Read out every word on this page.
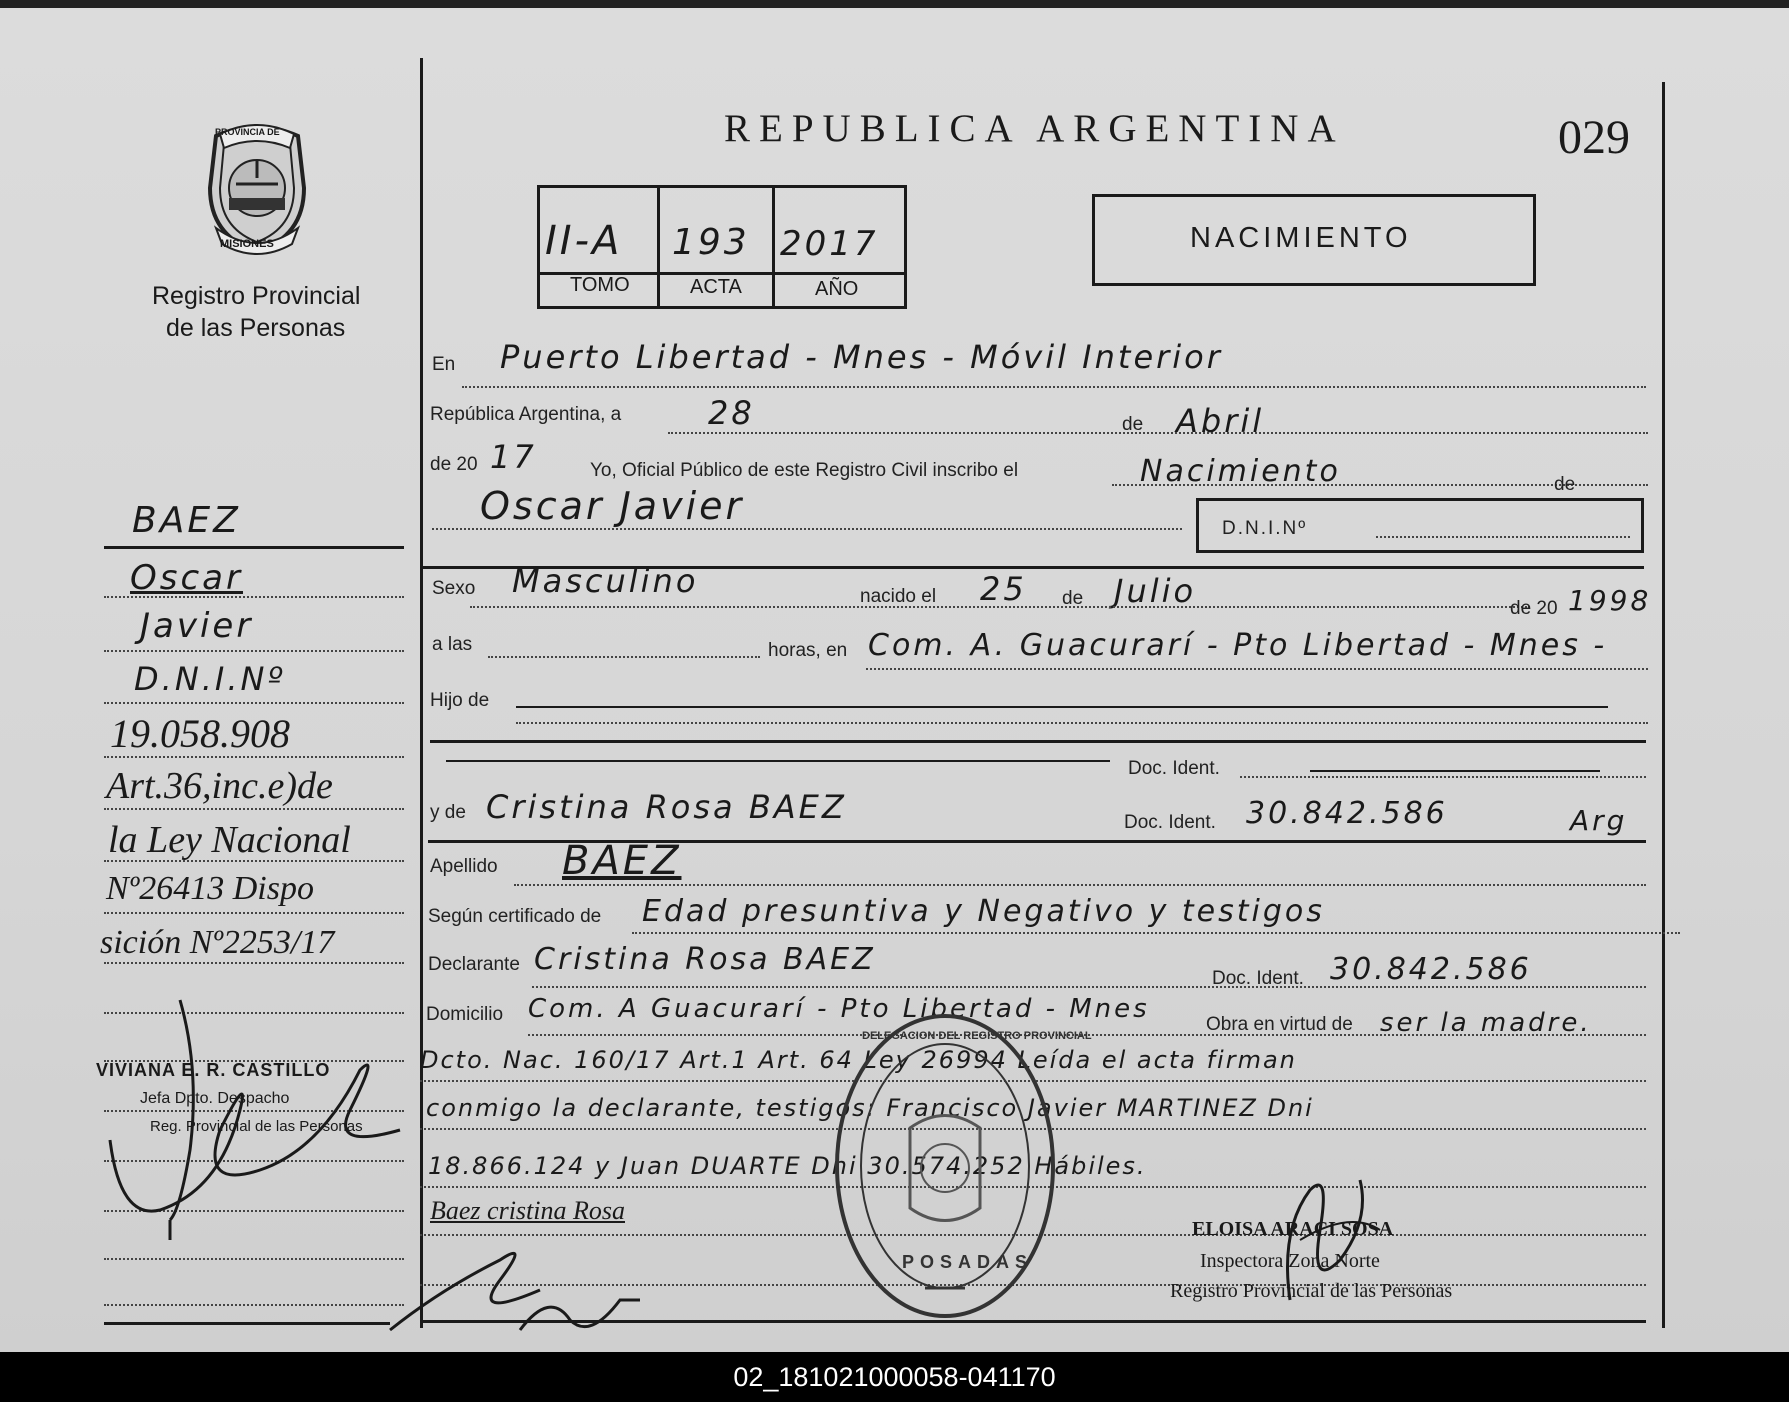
PROVINCIA DE
MISIONES
Registro Provincial
de las Personas
REPUBLICA ARGENTINA	029
II-A 193 2017
TOMO	ACTA	AÑO
NACIMIENTO
En Puerto Libertad - Mnes - Móvil Interior
República Argentina, a	28	de Abril
de 20 17	Yo, Oficial Público de este Registro Civil inscribo el	Nacimiento	de
Oscar Javier
D.N.I.Nº
Sexo Masculino	nacido el 25 de Julio	de 20 1998
a las	horas, en Com. A. Guacurarí - Pto Libertad - Mnes -
Hijo de
Doc. Ident.
y de Cristina Rosa BAEZ	Doc. Ident. 30.842.586	Arg
Apellido BAEZ
Según certificado de Edad presuntiva y Negativo y testigos
Declarante Cristina Rosa BAEZ
Doc. Ident. 30.842.586
Domicilio Com. A Guacurarí - Pto Libertad - Mnes
Obra en virtud de ser la madre.
Dcto. Nac. 160/17 Art.1 Art. 64 Ley 26994 Leída el acta firman
conmigo la declarante, testigos: Francisco Javier MARTINEZ Dni
18.866.124 y Juan DUARTE Dni 30.574.252 Hábiles.
Baez cristina Rosa
DELEGACION DEL REGISTRO PROVINCIAL
POSADAS
ELOISA ARACI SOSA
Inspectora Zona Norte
Registro Provincial de las Personas
BAEZ
Oscar
Javier
D.N.I.Nº
19.058.908
Art.36,inc.e)de
la Ley Nacional
Nº26413 Dispo
sición Nº2253/17
VIVIANA E. R. CASTILLO
Jefa Dpto. Despacho
Reg. Provincial de las Personas
02_181021000058-041170
